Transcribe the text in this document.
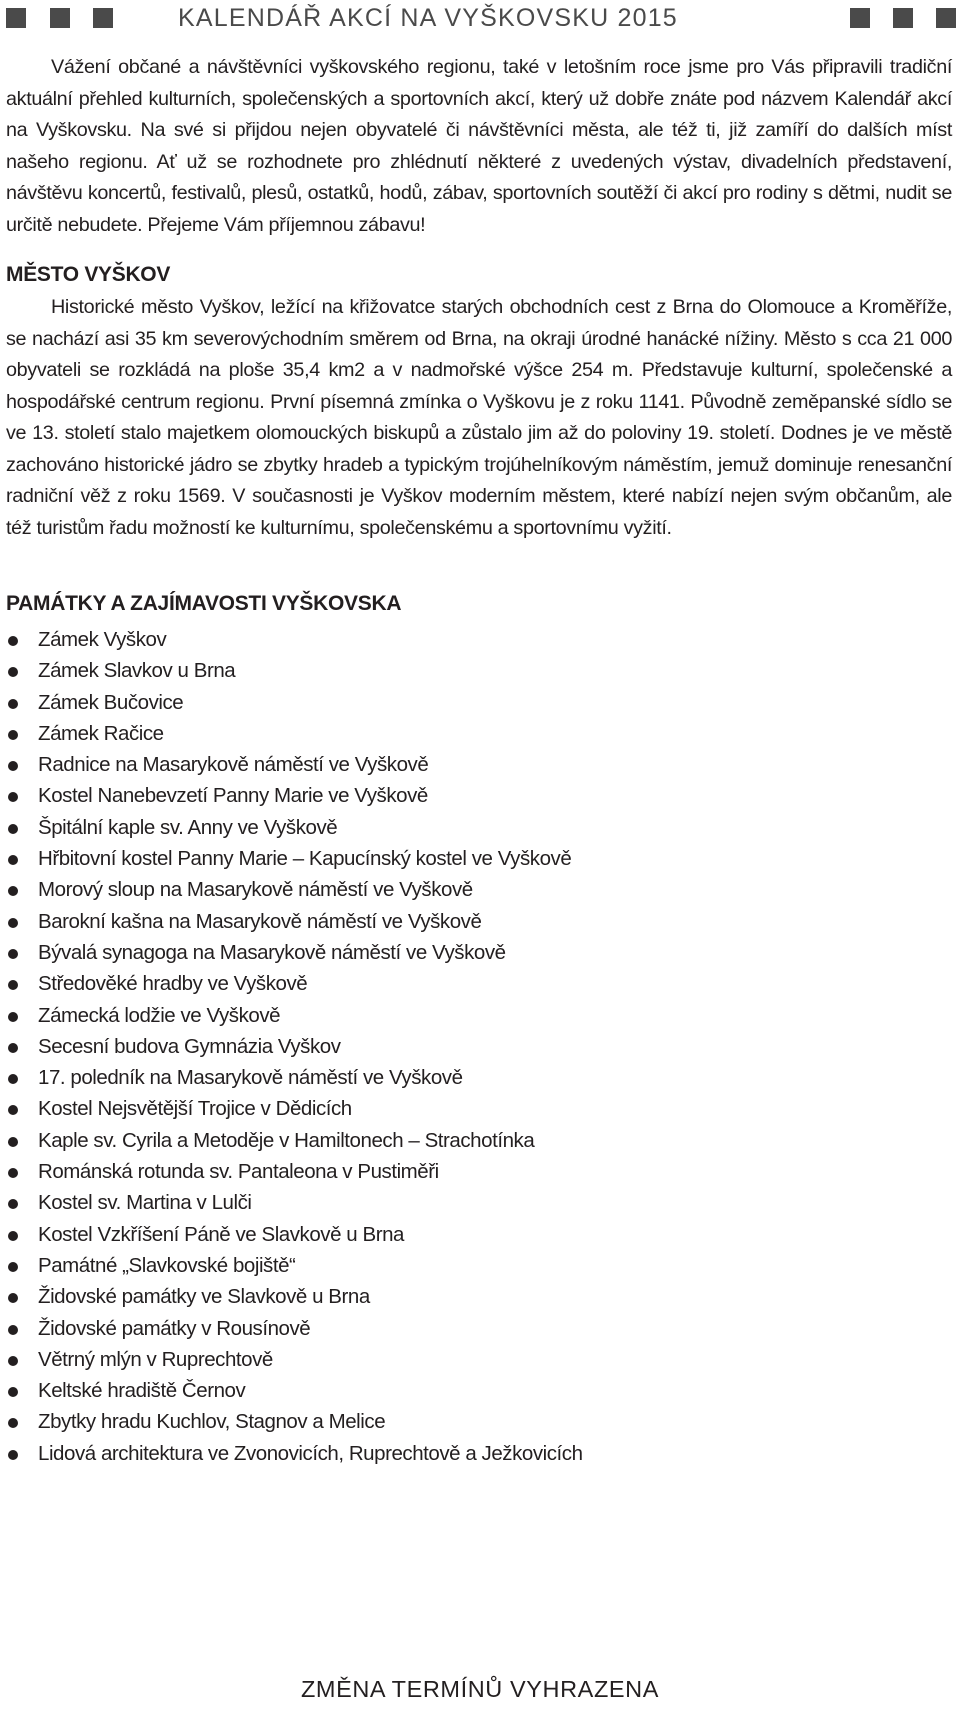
KALENDÁŘ AKCÍ NA VYŠKOVSKU 2015

Vážení občané a návštěvníci vyškovského regionu, také v letošním roce jsme pro Vás připravili tradiční aktuální přehled kulturních, společenských a sportovních akcí, který už dobře znáte pod názvem Kalendář akcí na Vyškovsku. Na své si přijdou nejen obyvatelé či návštěvníci města, ale též ti, již zamíří do dalších míst našeho regionu. Ať už se rozhodnete pro zhlédnutí některé z uvedených výstav, divadelních představení, návštěvu koncertů, festivalů, plesů, ostatků, hodů, zábav, sportovních soutěží či akcí pro rodiny s dětmi, nudit se určitě nebudete. Přejeme Vám příjemnou zábavu!

MĚSTO VYŠKOV

Historické město Vyškov, ležící na křižovatce starých obchodních cest z Brna do Olomouce a Kroměříže, se nachází asi 35 km severovýchodním směrem od Brna, na okraji úrodné hanácké nížiny. Město s cca 21 000 obyvateli se rozkládá na ploše 35,4 km2 a v nadmořské výšce 254 m. Představuje kulturní, společenské a hospodářské centrum regionu. První písemná zmínka o Vyškovu je z roku 1141. Původně zeměpanské sídlo se ve 13. století stalo majetkem olomouckých biskupů a zůstalo jim až do poloviny 19. století. Dodnes je ve městě zachováno historické jádro se zbytky hradeb a typickým trojúhelníkovým náměstím, jemuž dominuje renesanční radniční věž z roku 1569. V současnosti je Vyškov moderním městem, které nabízí nejen svým občanům, ale též turistům řadu možností ke kulturnímu, společenskému a sportovnímu vyžití.

PAMÁTKY A ZAJÍMAVOSTI VYŠKOVSKA
Zámek Vyškov
Zámek Slavkov u Brna
Zámek Bučovice
Zámek Račice
Radnice na Masarykově náměstí ve Vyškově
Kostel Nanebevzetí Panny Marie ve Vyškově
Špitální kaple sv. Anny ve Vyškově
Hřbitovní kostel Panny Marie – Kapucínský kostel ve Vyškově
Morový sloup na Masarykově náměstí ve Vyškově
Barokní kašna na Masarykově náměstí ve Vyškově
Bývalá synagoga na Masarykově náměstí ve Vyškově
Středověké hradby ve Vyškově
Zámecká lodžie ve Vyškově
Secesní budova Gymnázia Vyškov
17. poledník na Masarykově náměstí ve Vyškově
Kostel Nejsvětější Trojice v Dědicích
Kaple sv. Cyrila a Metoděje v Hamiltonech – Strachotínka
Románská rotunda sv. Pantaleona v Pustiměři
Kostel sv. Martina v Lulči
Kostel Vzkříšení Páně ve Slavkově u Brna
Památné „Slavkovské bojiště“
Židovské památky ve Slavkově u Brna
Židovské památky v Rousínově
Větrný mlýn v Ruprechtově
Keltské hradiště Černov
Zbytky hradu Kuchlov, Stagnov a Melice
Lidová architektura ve Zvonovicích, Ruprechtově a Ježkovicích
ZMĚNA TERMÍNŮ VYHRAZENA
